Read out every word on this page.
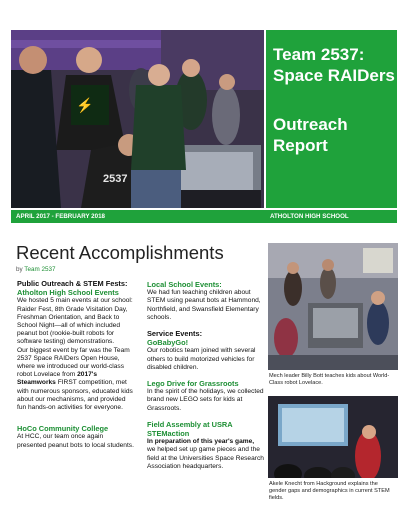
⚡
2537
Team 2537: Space RAIDers
Outreach Report
APRIL 2017 - FEBRUARY 2018	ATHOLTON HIGH SCHOOL
Recent Accomplishments
by Team 2537
Public Outreach & STEM Fests:
Atholton High School Events
We hosted 5 main events at our school: Raider Fest, 8th Grade Visitation Day, Freshman Orientation, and Back to School Night—all of which included peanut bot (rookie-built robots for software testing) demonstrations.
Our biggest event by far was the Team 2537 Space RAIDers Open House, where we introduced our world-class robot Lovelace from 2017's Steamworks FIRST competition, met with numerous sponsors, educated kids about our mechanisms, and provided fun hands-on activities for everyone.
HoCo Community College
At HCC, our team once again presented peanut bots to local students.
Local School Events:
We had fun teaching children about STEM using peanut bots at Hammond, Northfield, and Swansfield Elementary schools.
Service Events:
GoBabyGo!
Our robotics team joined with several others to build motorized vehicles for disabled children.
Lego Drive for Grassroots
In the spirit of the holidays, we collected brand new LEGO sets for kids at Grassroots.
Field Assembly at USRA STEMaction
In preparation of this year's game, we helped set up game pieces and the field at the Universities Space Research Association headquarters.
Mech leader Billy Bott teaches kids about World-Class robot Lovelace.
Akele Knecht from Hackground explains the gender gaps and demographics in current STEM fields.
